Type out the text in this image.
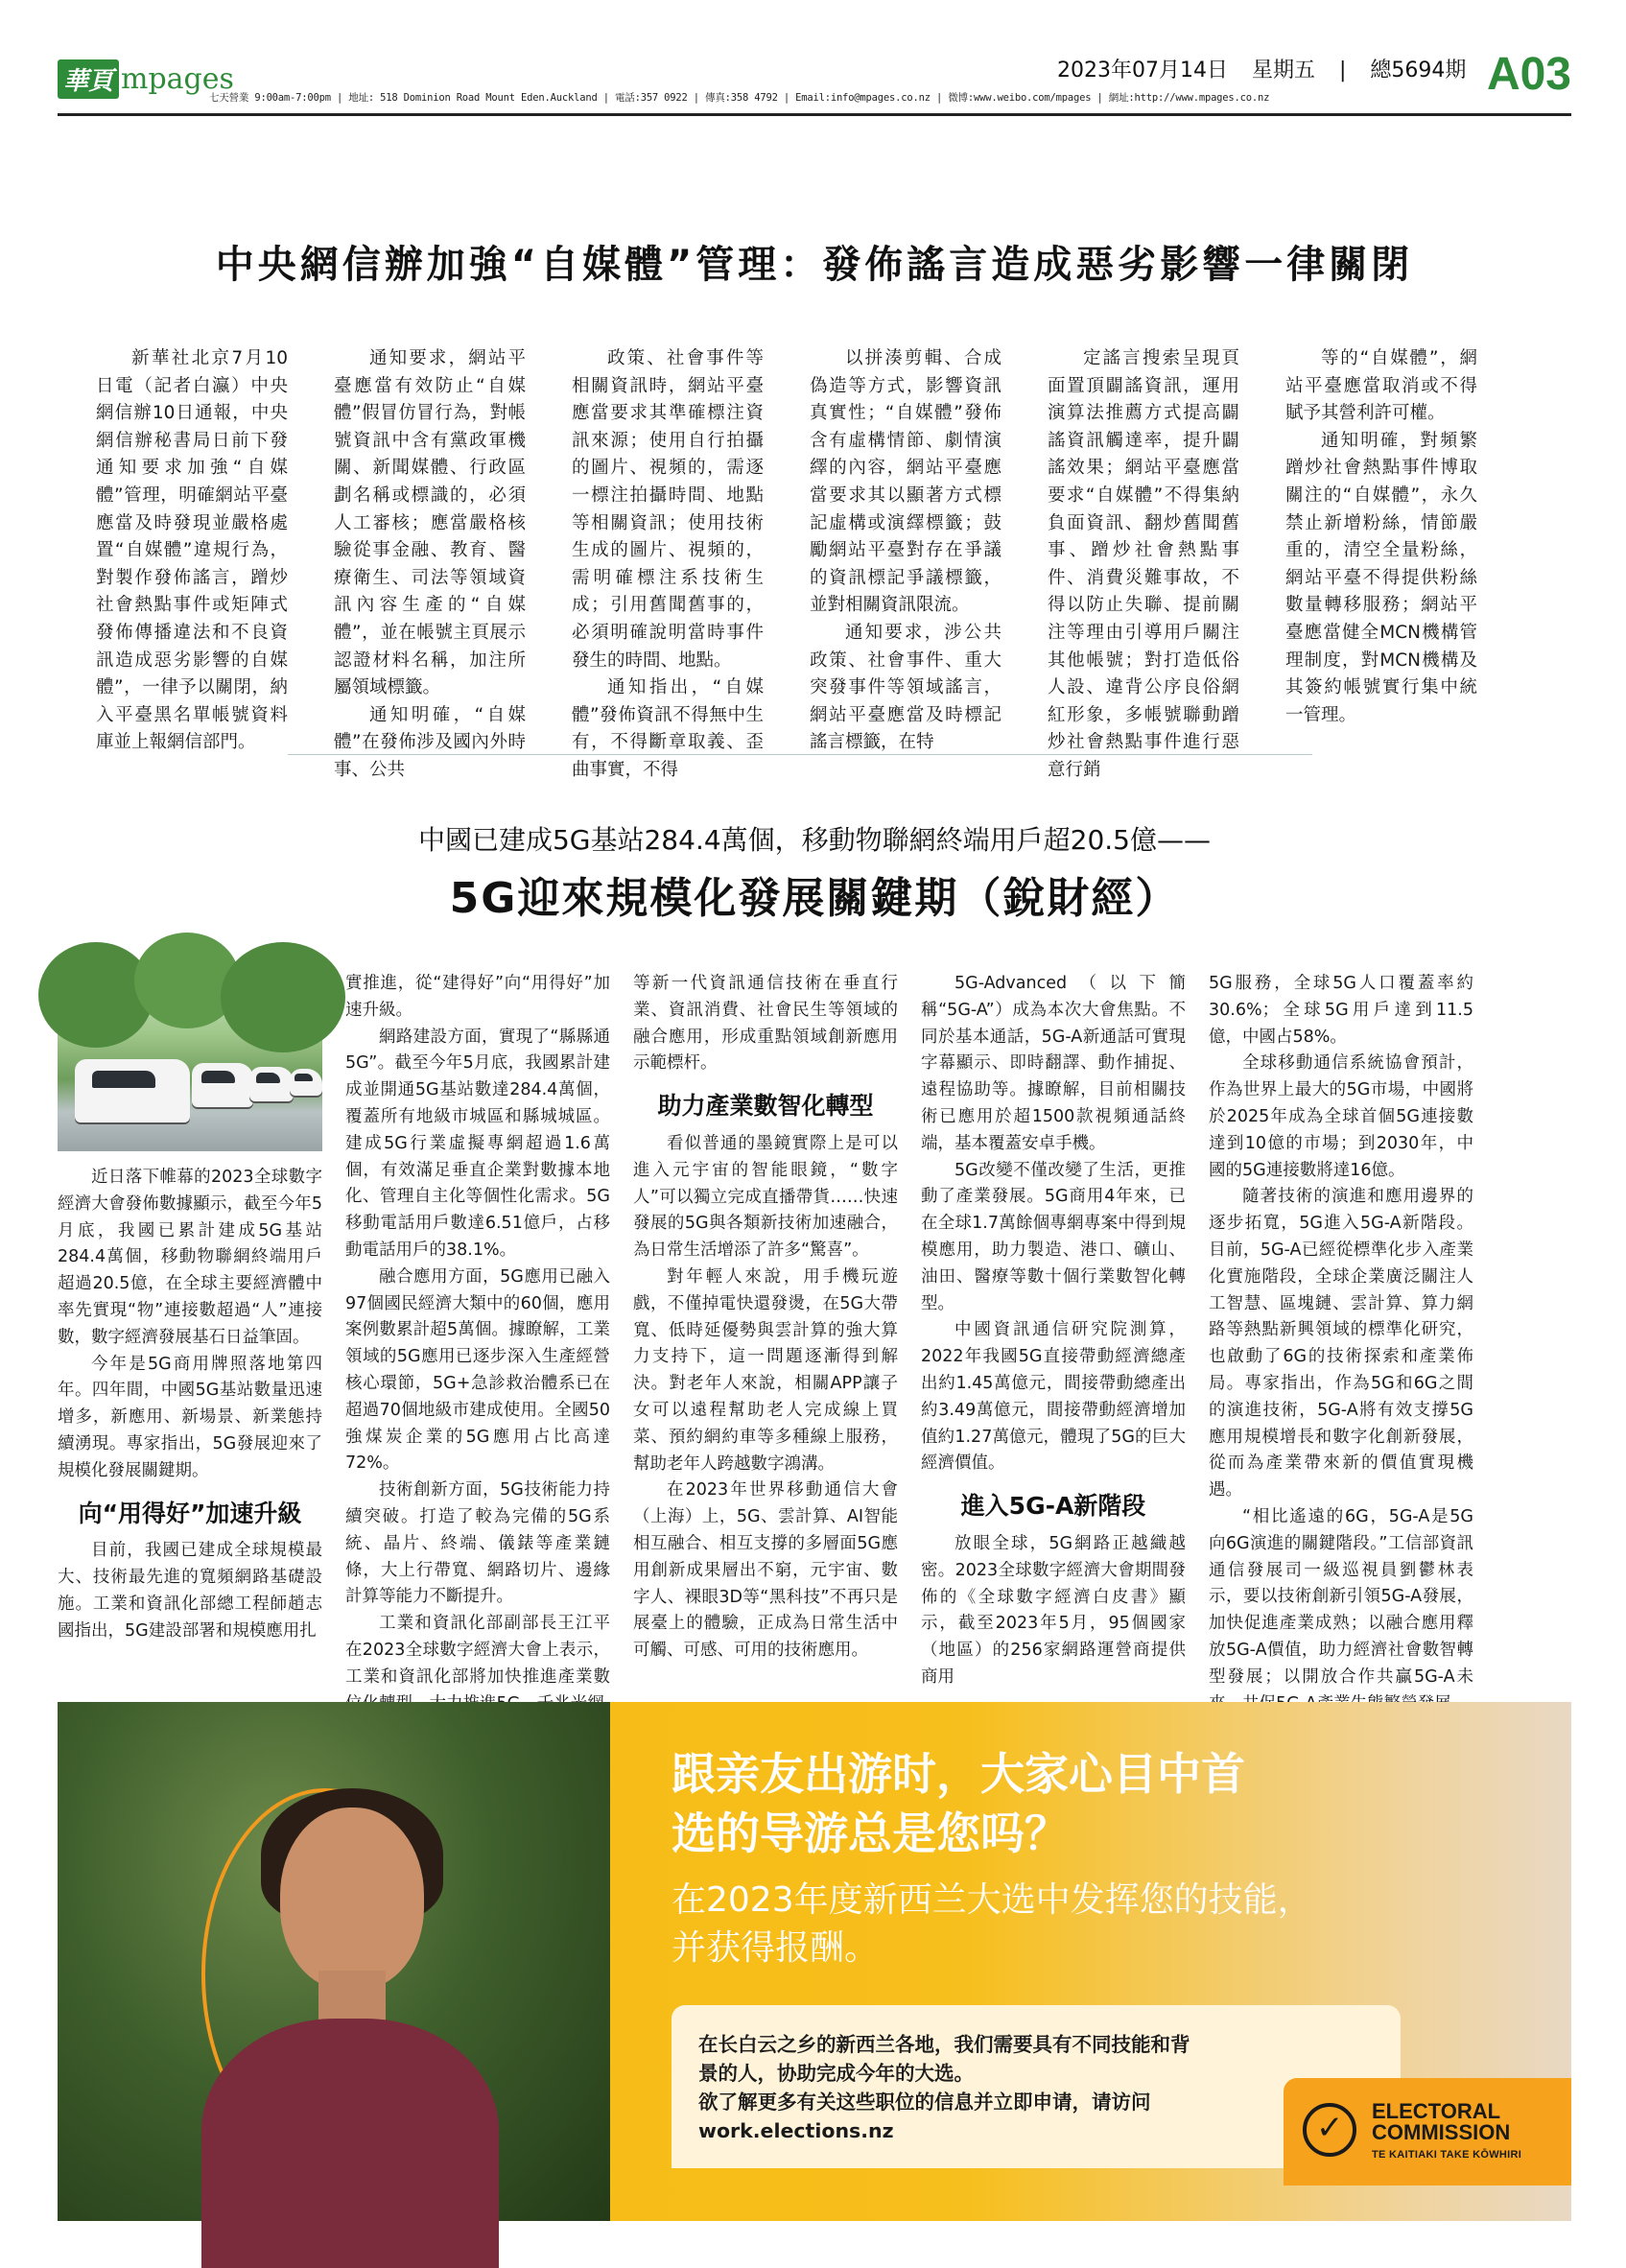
華頁 mpages
七天營業 9:00am-7:00pm | 地址: 518 Dominion Road Mount Eden.Auckland | 電話:357 0922 | 傳真:358 4792 | Email:info@mpages.co.nz | 微博:www.weibo.com/mpages | 網址:http://www.mpages.co.nz
2023年07月14日 星期五 | 總5694期 A03
中央網信辦加強“自媒體”管理：發佈謠言造成惡劣影響一律關閉

新華社北京7月10日電（記者白瀛）中央網信辦10日通報，中央網信辦秘書局日前下發通知要求加強“自媒體”管理，明確網站平臺應當及時發現並嚴格處置“自媒體”違規行為，對製作發佈謠言，蹭炒社會熱點事件或矩陣式發佈傳播違法和不良資訊造成惡劣影響的自媒體”，一律予以關閉，納入平臺黑名單帳號資料庫並上報網信部門。

通知要求，網站平臺應當有效防止“自媒體”假冒仿冒行為，對帳號資訊中含有黨政軍機關、新聞媒體、行政區劃名稱或標識的，必須人工審核；應當嚴格核驗從事金融、教育、醫療衛生、司法等領域資訊內容生產的“自媒體”，並在帳號主頁展示認證材料名稱，加注所屬領域標籤。

通知明確，“自媒體”在發佈涉及國內外時事、公共

政策、社會事件等相關資訊時，網站平臺應當要求其準確標注資訊來源；使用自行拍攝的圖片、視頻的，需逐一標注拍攝時間、地點等相關資訊；使用技術生成的圖片、視頻的，需明確標注系技術生成；引用舊聞舊事的，必須明確說明當時事件發生的時間、地點。

通知指出，“自媒體”發佈資訊不得無中生有，不得斷章取義、歪曲事實，不得

以拼湊剪輯、合成偽造等方式，影響資訊真實性；“自媒體”發佈含有虛構情節、劇情演繹的內容，網站平臺應當要求其以顯著方式標記虛構或演繹標籤；鼓勵網站平臺對存在爭議的資訊標記爭議標籤，並對相關資訊限流。

通知要求，涉公共政策、社會事件、重大突發事件等領域謠言，網站平臺應當及時標記謠言標籤，在特

定謠言搜索呈現頁面置頂闢謠資訊，運用演算法推薦方式提高闢謠資訊觸達率，提升闢謠效果；網站平臺應當要求“自媒體”不得集納負面資訊、翻炒舊聞舊事、蹭炒社會熱點事件、消費災難事故，不得以防止失聯、提前關注等理由引導用戶關注其他帳號；對打造低俗人設、違背公序良俗網紅形象，多帳號聯動蹭炒社會熱點事件進行惡意行銷

等的“自媒體”，網站平臺應當取消或不得賦予其營利許可權。

通知明確，對頻繁蹭炒社會熱點事件博取關注的“自媒體”，永久禁止新增粉絲，情節嚴重的，清空全量粉絲，網站平臺不得提供粉絲數量轉移服務；網站平臺應當健全MCN機構管理制度，對MCN機構及其簽約帳號實行集中統一管理。

中國已建成5G基站284.4萬個，移動物聯網終端用戶超20.5億——
5G迎來規模化發展關鍵期（銳財經）

近日落下帷幕的2023全球數字經濟大會發佈數據顯示，截至今年5月底，我國已累計建成5G基站284.4萬個，移動物聯網終端用戶超過20.5億，在全球主要經濟體中率先實現“物”連接數超過“人”連接數，數字經濟發展基石日益筆固。

今年是5G商用牌照落地第四年。四年間，中國5G基站數量迅速增多，新應用、新場景、新業態持續湧現。專家指出，5G發展迎來了規模化發展關鍵期。

向“用得好”加速升級

目前，我國已建成全球規模最大、技術最先進的寬頻網路基礎設施。工業和資訊化部總工程師趙志國指出，5G建設部署和規模應用扎

實推進，從“建得好”向“用得好”加速升級。

網路建設方面，實現了“縣縣通5G”。截至今年5月底，我國累計建成並開通5G基站數達284.4萬個，覆蓋所有地級市城區和縣城城區。建成5G行業虛擬專網超過1.6萬個，有效滿足垂直企業對數據本地化、管理自主化等個性化需求。5G移動電話用戶數達6.51億戶，占移動電話用戶的38.1%。

融合應用方面，5G應用已融入97個國民經濟大類中的60個，應用案例數累計超5萬個。據瞭解，工業領域的5G應用已逐步深入生產經營核心環節，5G+急診救治體系已在超過70個地級市建成使用。全國50強煤炭企業的5G應用占比高達72%。

技術創新方面，5G技術能力持續突破。打造了較為完備的5G系統、晶片、終端、儀錶等產業鏈條，大上行帶寬、網路切片、邊緣計算等能力不斷提升。

工業和資訊化部副部長王江平在2023全球數字經濟大會上表示，工業和資訊化部將加快推進產業數

等新一代資訊通信技術在垂直行業、資訊消費、社會民生等領域的融合應用，形成重點領域創新應用示範標杆。

助力產業數智化轉型

看似普通的墨鏡實際上是可以進入元宇宙的智能眼鏡，“數字人”可以獨立完成直播帶貨……快速發展的5G與各類新技術加速融合，為日常生活增添了許多“驚喜”。

對年輕人來說，用手機玩遊戲，不僅掉電快還發燙，在5G大帶寬、低時延優勢與雲計算的強大算力支持下，這一問題逐漸得到解決。對老年人來說，相關APP讓子女可以遠程幫助老人完成線上買菜、預約網約車等多種線上服務，幫助老年人跨越數字鴻溝。

在2023年世界移動通信大會（上海）上，5G、雲計算、AI智能相互融合、相互支撐的多層面5G應用創新成果層出不窮，元宇宙、數字人、裸眼3D等“黑科技”不再只是展臺上的體驗，正成為日常生活中可觸、可感、可用的技術應用。

5G-Advanced（以下簡稱“5G-A”）成為本次大會焦點。不同於基本通話，5G-A新通話可實現字幕顯示、即時翻譯、動作捕捉、遠程協助等。據瞭解，目前相關技術已應用於超1500款視頻通話終端，基本覆蓋安卓手機。

5G改變不僅改變了生活，更推動了產業發展。5G商用4年來，已在全球1.7萬餘個專網專案中得到規模應用，助力製造、港口、礦山、油田、醫療等數十個行業數智化轉型。

中國資訊通信研究院測算，2022年我國5G直接帶動經濟總產出約1.45萬億元，間接帶動總產出約3.49萬億元，間接帶動經濟增加值約1.27萬億元，體現了5G的巨大經濟價值。

進入5G-A新階段

放眼全球，5G網路正越織越密。2023全球數字經濟大會期間發佈的《全球數字經濟白皮書》顯示，截至2023年5月，95個國家（地區）的256家網路運營商提供商用

5G服務，全球5G人口覆蓋率約30.6%；全球5G用戶達到11.5億，中國占58%。

全球移動通信系統協會預計，作為世界上最大的5G市場，中國將於2025年成為全球首個5G連接數達到10億的市場；到2030年，中國的5G連接數將達16億。

隨著技術的演進和應用邊界的逐步拓寬，5G進入5G-A新階段。目前，5G-A已經從標準化步入產業化實施階段，全球企業廣泛關注人工智慧、區塊鏈、雲計算、算力網路等熱點新興領域的標準化研究，也啟動了6G的技術探索和產業佈局。專家指出，作為5G和6G之間的演進技術，5G-A將有效支撐5G應用規模增長和數字化創新發展，從而為產業帶來新的價值實現機遇。

“相比遙遠的6G，5G-A是5G向6G演進的關鍵階段。”工信部資訊通信發展司一級巡視員劉鬱林表示，要以技術創新引領5G-A發展，加快促進產業成熟；以融合應用釋放5G-A價值，助力經濟社會數智轉型發展；以開放合作共贏5G-A未

跟亲友出游时，大家心目中首
选的导游总是您吗？
在2023年度新西兰大选中发挥您的技能，
并获得报酬。
在长白云之乡的新西兰各地，我们需要具有不同技能和背
景的人，协助完成今年的大选。
欲了解更多有关这些职位的信息并立即申请，请访问
work.elections.nz
✓
ELECTORAL
COMMISSION
TE KAITIAKI TAKE KŌWHIRI
